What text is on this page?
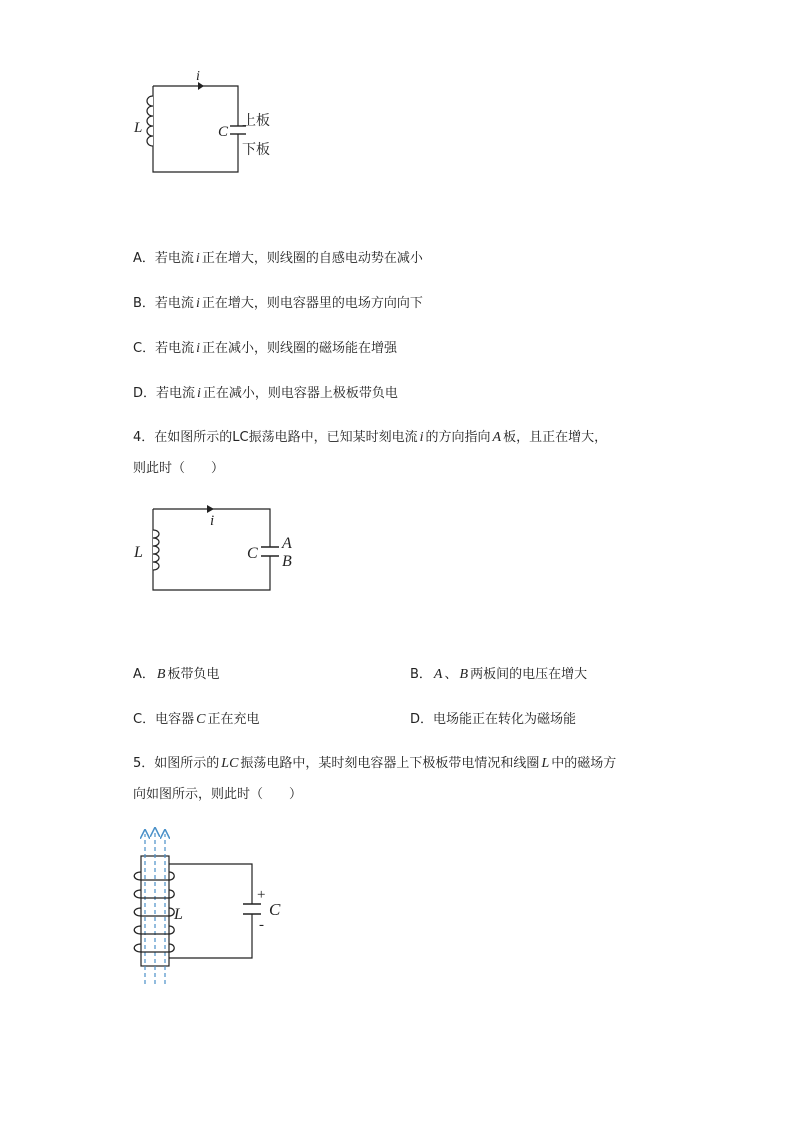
i
L	C
上板
下板
A．若电流 i 正在增大，则线圈的自感电动势在减小
B．若电流 i 正在增大，则电容器里的电场方向向下
C．若电流 i 正在减小，则线圈的磁场能在增强
D．若电流 i 正在减小，则电容器上极板带负电
4．在如图所示的LC振荡电路中，已知某时刻电流 i 的方向指向 A 板，且正在增大，
则此时（　　）
i
L	C
A
B
A． B 板带负电	B． A 、 B 两板间的电压在增大
C．电容器 C 正在充电	D．电场能正在转化为磁场能
5．如图所示的 LC 振荡电路中，某时刻电容器上下极板带电情况和线圈 L 中的磁场方
向如图所示，则此时（　　）
L	C
+
-
